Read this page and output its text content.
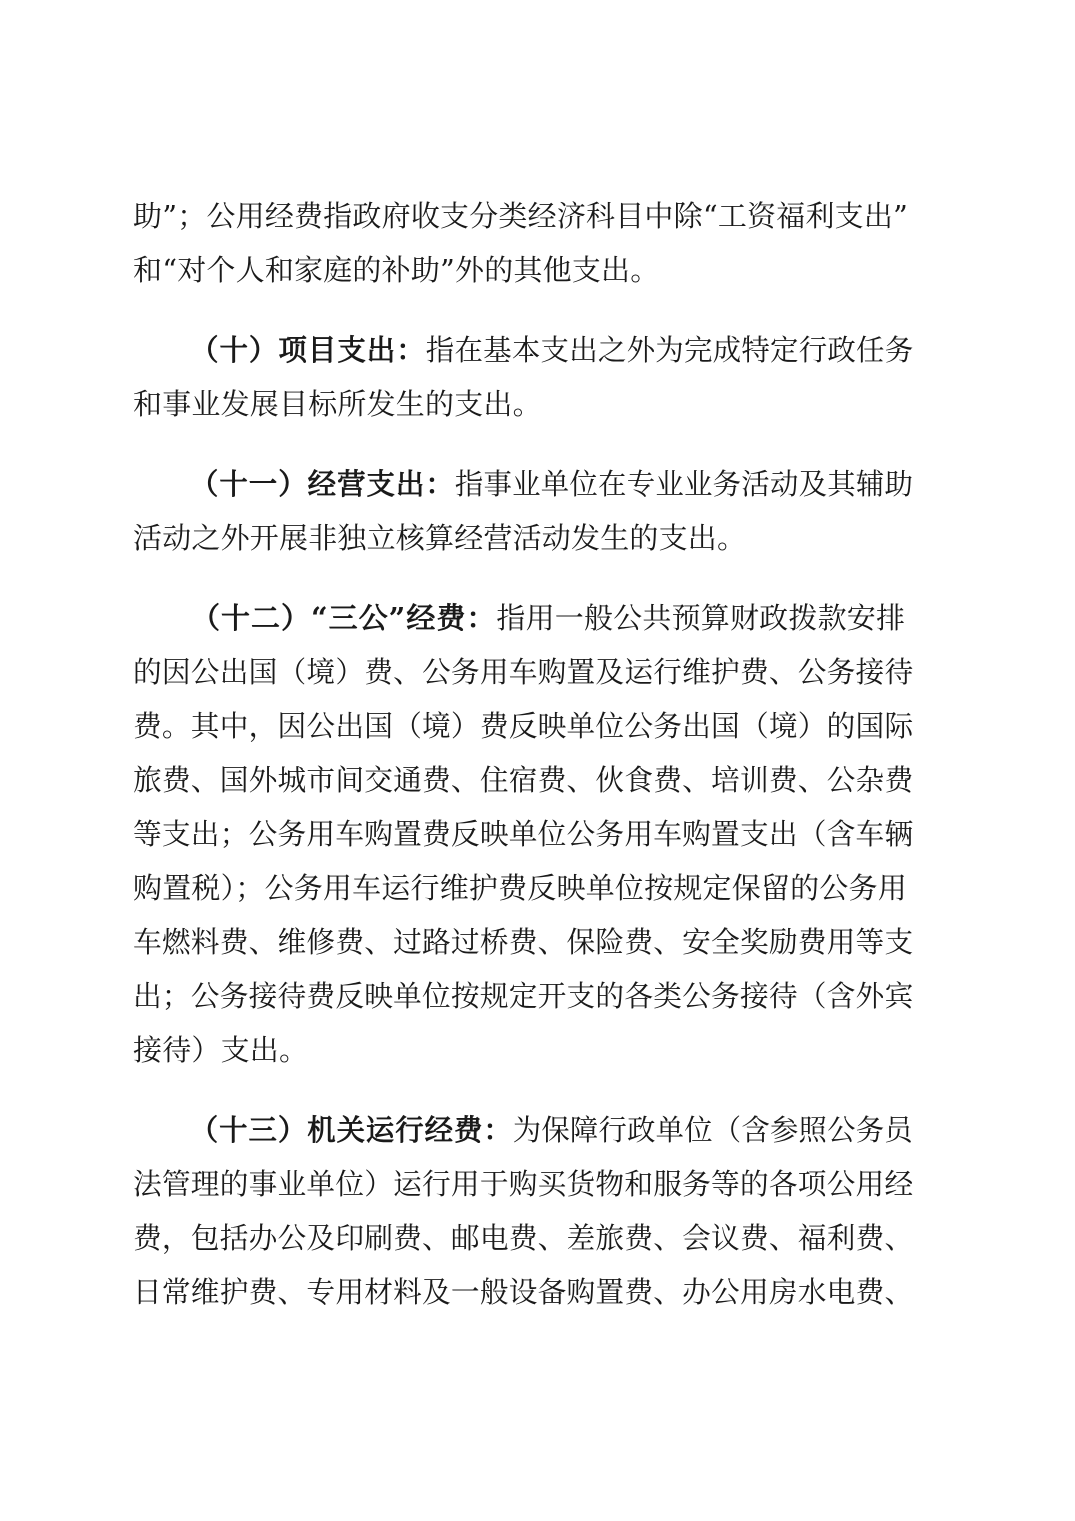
助”；公用经费指政府收支分类经济科目中除“工资福利支出”
和“对个人和家庭的补助”外的其他支出。
（十）项目支出：指在基本支出之外为完成特定行政任务
和事业发展目标所发生的支出。
（十一）经营支出：指事业单位在专业业务活动及其辅助
活动之外开展非独立核算经营活动发生的支出。
（十二）“三公”经费：指用一般公共预算财政拨款安排
的因公出国（境）费、公务用车购置及运行维护费、公务接待
费。其中，因公出国（境）费反映单位公务出国（境）的国际
旅费、国外城市间交通费、住宿费、伙食费、培训费、公杂费
等支出；公务用车购置费反映单位公务用车购置支出（含车辆
购置税）；公务用车运行维护费反映单位按规定保留的公务用
车燃料费、维修费、过路过桥费、保险费、安全奖励费用等支
出；公务接待费反映单位按规定开支的各类公务接待（含外宾
接待）支出。
（十三）机关运行经费：为保障行政单位（含参照公务员
法管理的事业单位）运行用于购买货物和服务等的各项公用经
费，包括办公及印刷费、邮电费、差旅费、会议费、福利费、
日常维护费、专用材料及一般设备购置费、办公用房水电费、
